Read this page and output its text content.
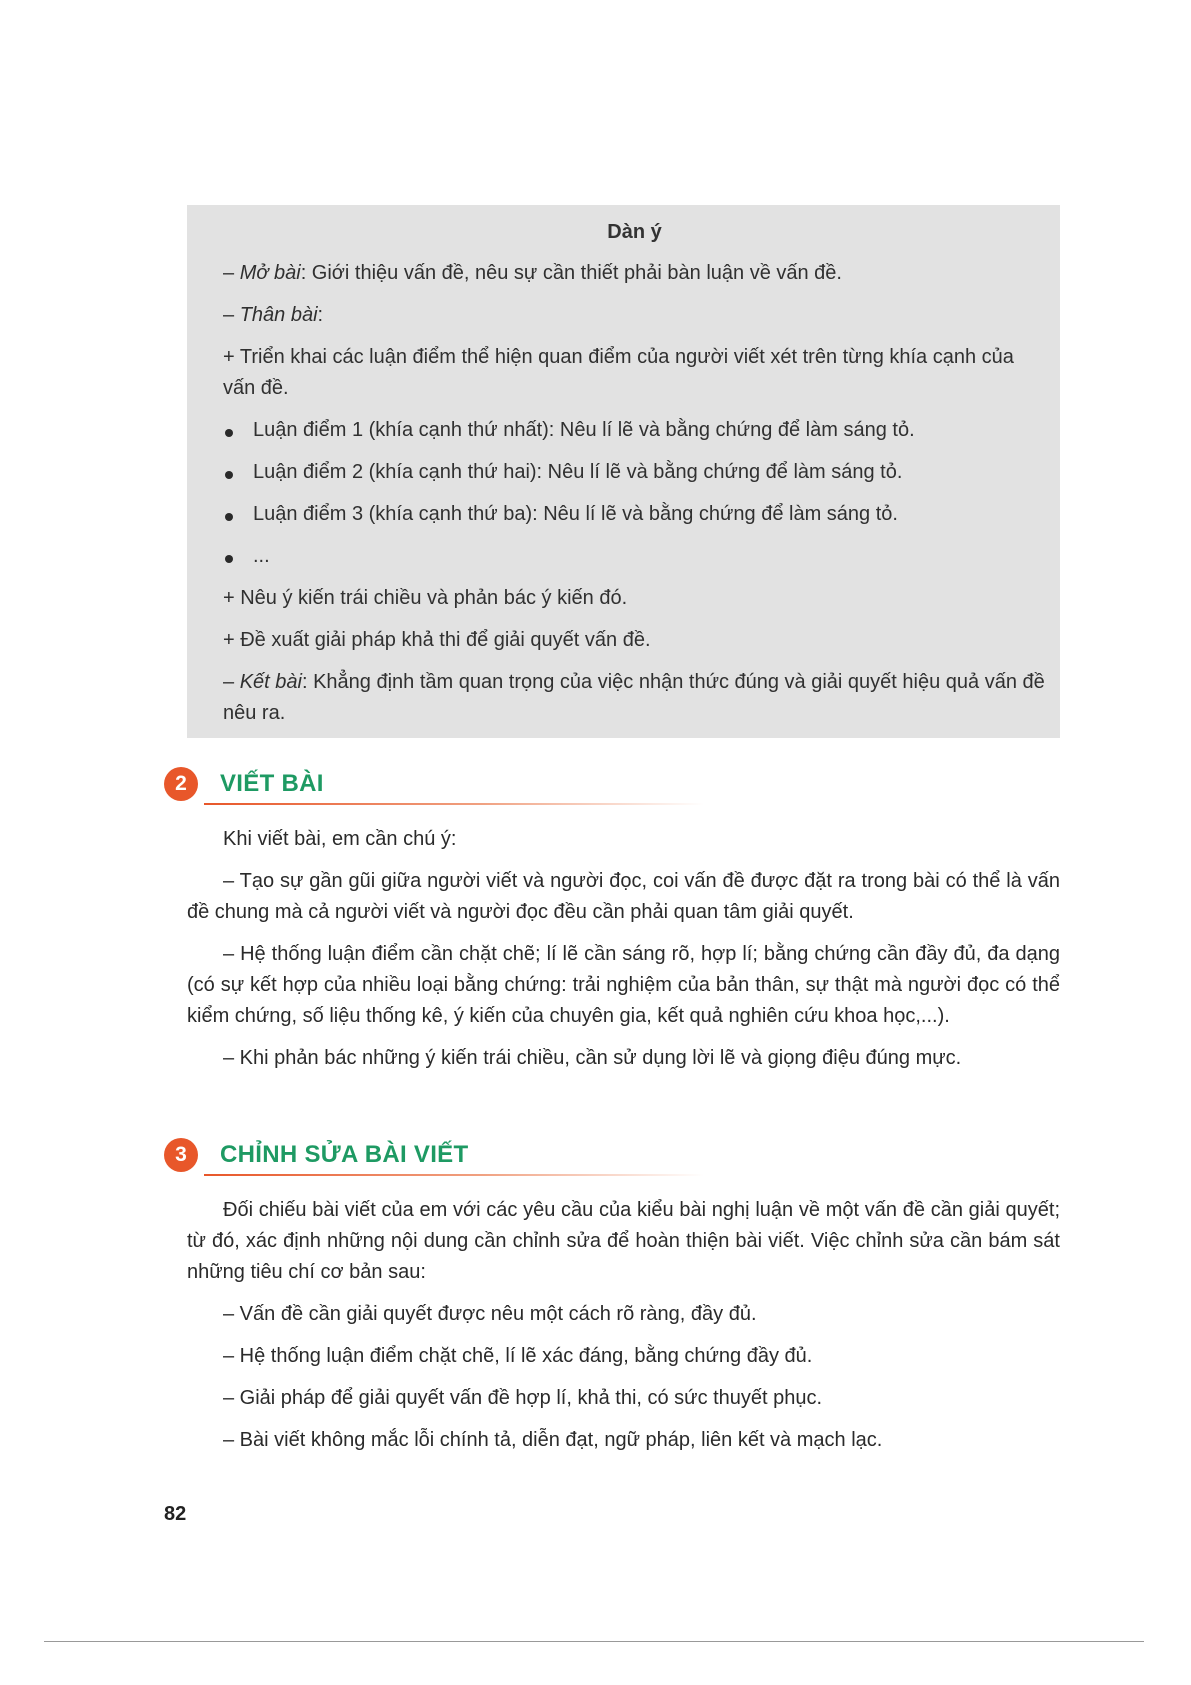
Dàn ý
– Mở bài: Giới thiệu vấn đề, nêu sự cần thiết phải bàn luận về vấn đề.
– Thân bài:
+ Triển khai các luận điểm thể hiện quan điểm của người viết xét trên từng khía cạnh của vấn đề.
Luận điểm 1 (khía cạnh thứ nhất): Nêu lí lẽ và bằng chứng để làm sáng tỏ.
Luận điểm 2 (khía cạnh thứ hai): Nêu lí lẽ và bằng chứng để làm sáng tỏ.
Luận điểm 3 (khía cạnh thứ ba): Nêu lí lẽ và bằng chứng để làm sáng tỏ.
...
+ Nêu ý kiến trái chiều và phản bác ý kiến đó.
+ Đề xuất giải pháp khả thi để giải quyết vấn đề.
– Kết bài: Khẳng định tầm quan trọng của việc nhận thức đúng và giải quyết hiệu quả vấn đề nêu ra.
2	VIẾT BÀI
Khi viết bài, em cần chú ý:
– Tạo sự gần gũi giữa người viết và người đọc, coi vấn đề được đặt ra trong bài có thể là vấn đề chung mà cả người viết và người đọc đều cần phải quan tâm giải quyết.
– Hệ thống luận điểm cần chặt chẽ; lí lẽ cần sáng rõ, hợp lí; bằng chứng cần đầy đủ, đa dạng (có sự kết hợp của nhiều loại bằng chứng: trải nghiệm của bản thân, sự thật mà người đọc có thể kiểm chứng, số liệu thống kê, ý kiến của chuyên gia, kết quả nghiên cứu khoa học,...).
– Khi phản bác những ý kiến trái chiều, cần sử dụng lời lẽ và giọng điệu đúng mực.
3	CHỈNH SỬA BÀI VIẾT
Đối chiếu bài viết của em với các yêu cầu của kiểu bài nghị luận về một vấn đề cần giải quyết; từ đó, xác định những nội dung cần chỉnh sửa để hoàn thiện bài viết. Việc chỉnh sửa cần bám sát những tiêu chí cơ bản sau:
– Vấn đề cần giải quyết được nêu một cách rõ ràng, đầy đủ.
– Hệ thống luận điểm chặt chẽ, lí lẽ xác đáng, bằng chứng đầy đủ.
– Giải pháp để giải quyết vấn đề hợp lí, khả thi, có sức thuyết phục.
– Bài viết không mắc lỗi chính tả, diễn đạt, ngữ pháp, liên kết và mạch lạc.
82
